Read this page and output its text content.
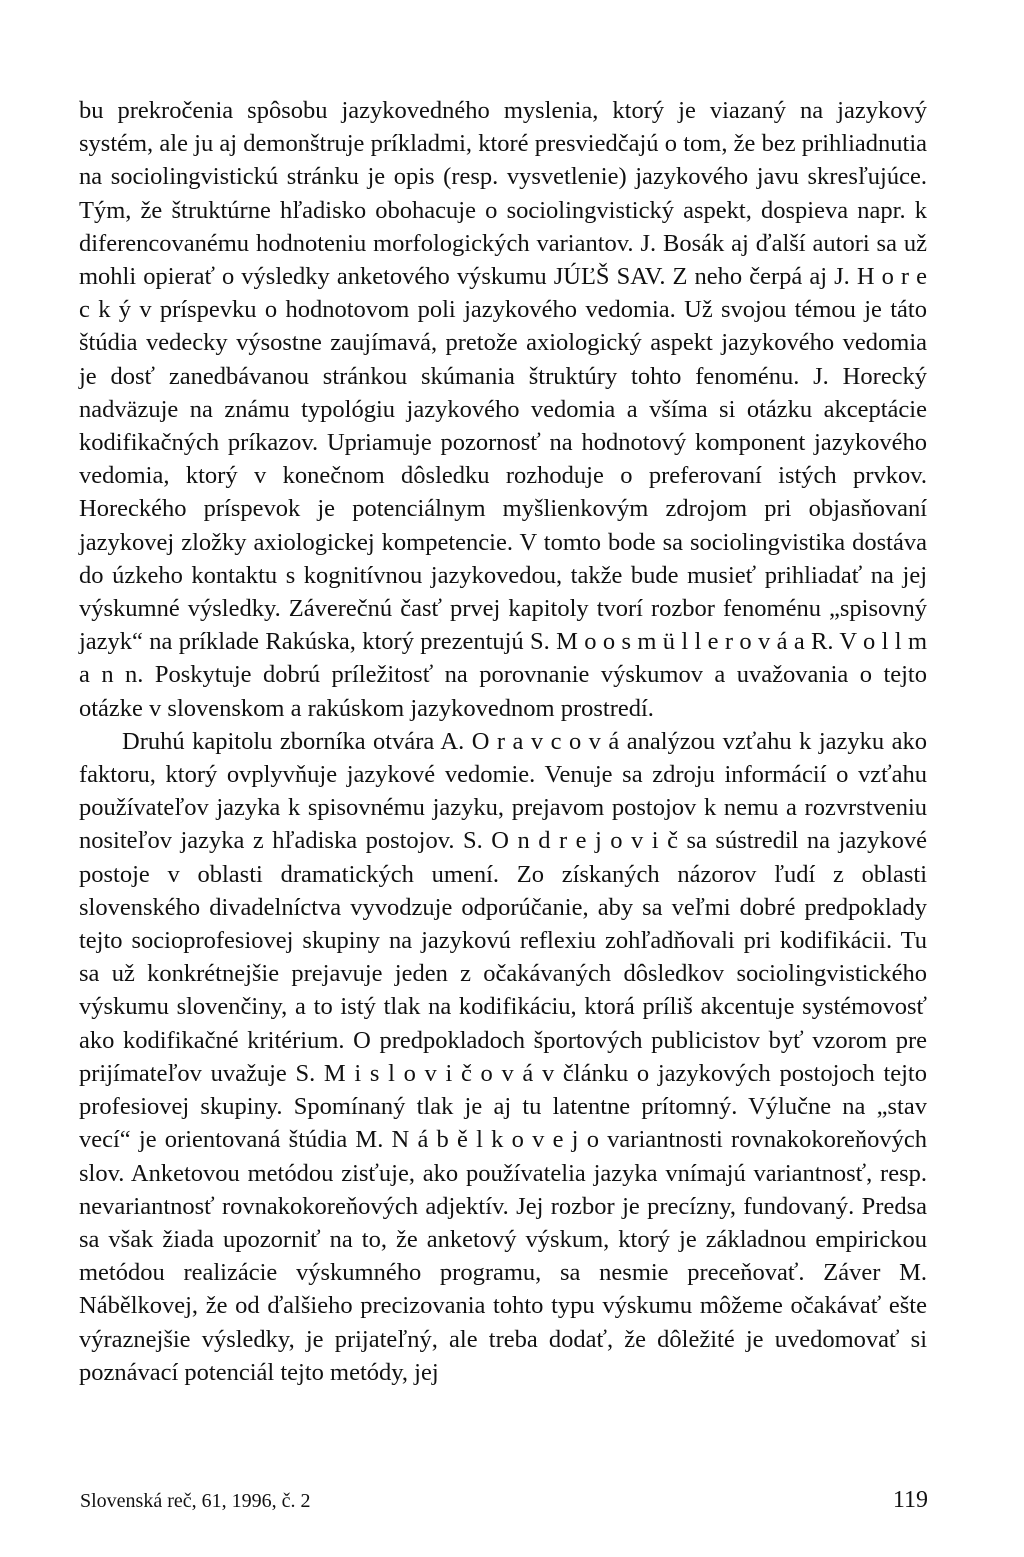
bu prekročenia spôsobu jazykovedného myslenia, ktorý je viazaný na jazykový systém, ale ju aj demonštruje príkladmi, ktoré presviedčajú o tom, že bez prihliadnutia na sociolingvistickú stránku je opis (resp. vysvetlenie) jazykového javu skresľujúce. Tým, že štruktúrne hľadisko obohacuje o sociolingvistický aspekt, dospieva napr. k diferencovanému hodnoteniu morfologických variantov. J. Bosák aj ďalší autori sa už mohli opierať o výsledky anketového výskumu JÚĽŠ SAV. Z neho čerpá aj J. H o r e c k ý v príspevku o hodnotovom poli jazykového vedomia. Už svojou témou je táto štúdia vedecky výsostne zaujímavá, pretože axiologický aspekt jazykového vedomia je dosť zanedbávanou stránkou skúmania štruktúry tohto fenoménu. J. Horecký nadväzuje na známu typológiu jazykového vedomia a všíma si otázku akceptácie kodifikačných príkazov. Upriamuje pozornosť na hodnotový komponent jazykového vedomia, ktorý v konečnom dôsledku rozhoduje o preferovaní istých prvkov. Horeckého príspevok je potenciálnym myšlienkovým zdrojom pri objasňovaní jazykovej zložky axiologickej kompetencie. V tomto bode sa sociolingvistika dostáva do úzkeho kontaktu s kognitívnou jazykovedou, takže bude musieť prihliadať na jej výskumné výsledky. Záverečnú časť prvej kapitoly tvorí rozbor fenoménu „spisovný jazyk“ na príklade Rakúska, ktorý prezentujú S. M o o s m ü l l e r o v á a R. V o l l m a n n. Poskytuje dobrú príležitosť na porovnanie výskumov a uvažovania o tejto otázke v slovenskom a rakúskom jazykovednom prostredí.

Druhú kapitolu zborníka otvára A. O r a v c o v á analýzou vzťahu k jazyku ako faktoru, ktorý ovplyvňuje jazykové vedomie. Venuje sa zdroju informácií o vzťahu používateľov jazyka k spisovnému jazyku, prejavom postojov k nemu a rozvrstveniu nositeľov jazyka z hľadiska postojov. S. O n d r e j o v i č sa sústredil na jazykové postoje v oblasti dramatických umení. Zo získaných názorov ľudí z oblasti slovenského divadelníctva vyvodzuje odporúčanie, aby sa veľmi dobré predpoklady tejto socioprofesiovej skupiny na jazykovú reflexiu zohľadňovali pri kodifikácii. Tu sa už konkrétnejšie prejavuje jeden z očakávaných dôsledkov sociolingvistického výskumu slovenčiny, a to istý tlak na kodifikáciu, ktorá príliš akcentuje systémovosť ako kodifikačné kritérium. O predpokladoch športových publicistov byť vzorom pre prijímateľov uvažuje S. M i s l o v i č o v á v článku o jazykových postojoch tejto profesiovej skupiny. Spomínaný tlak je aj tu latentne prítomný. Výlučne na „stav vecí“ je orientovaná štúdia M. N á b ě l k o v e j o variantnosti rovnakokoreňových slov. Anketovou metódou zisťuje, ako používatelia jazyka vnímajú variantnosť, resp. nevariantnosť rovnakokoreňových adjektív. Jej rozbor je precízny, fundovaný. Predsa sa však žiada upozorniť na to, že anketový výskum, ktorý je základnou empirickou metódou realizácie výskumného programu, sa nesmie preceňovať. Záver M. Nábělkovej, že od ďalšieho precizovania tohto typu výskumu môžeme očakávať ešte výraznejšie výsledky, je prijateľný, ale treba dodať, že dôležité je uvedomovať si poznávací potenciál tejto metódy, jej

Slovenská reč, 61, 1996, č. 2	119
